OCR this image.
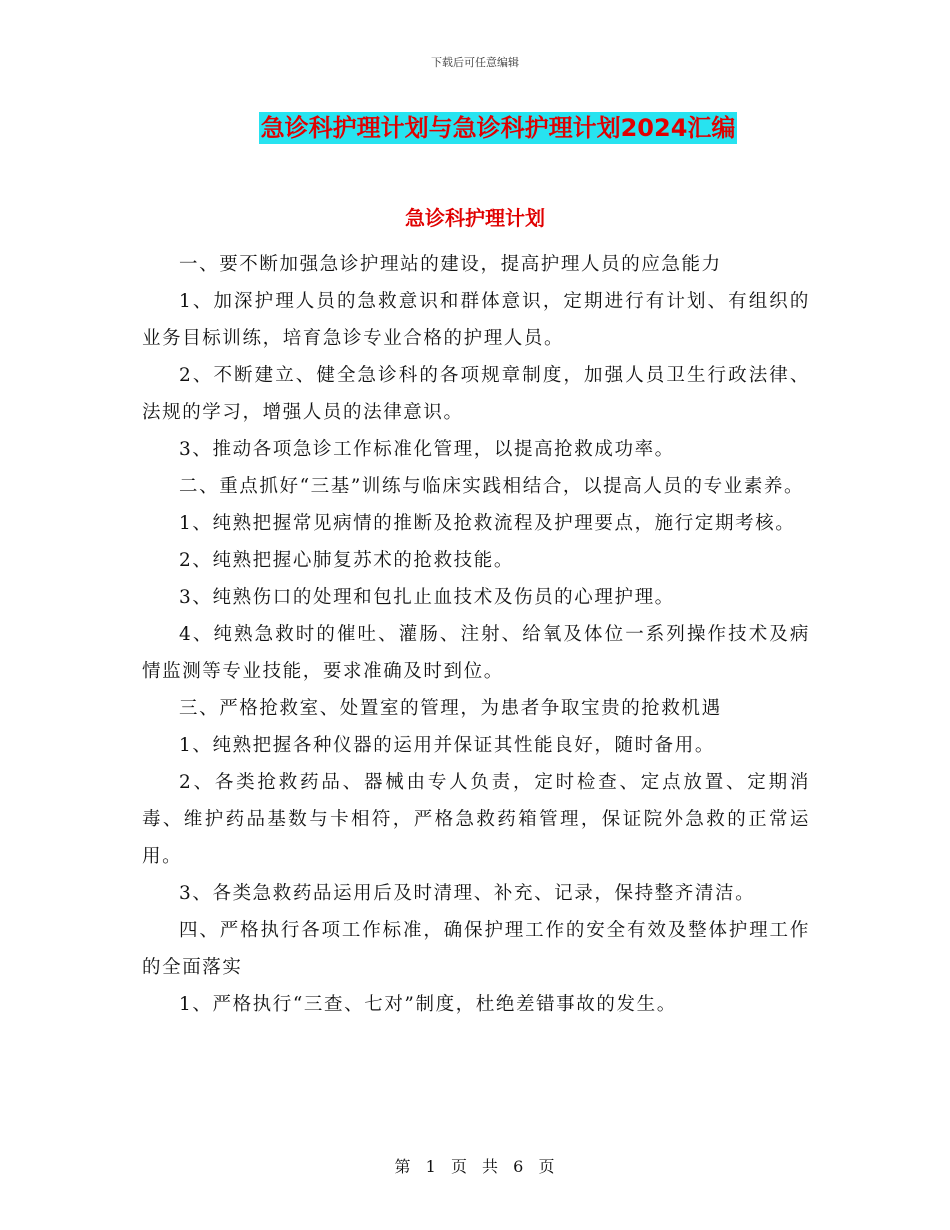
下载后可任意编辑
急诊科护理计划与急诊科护理计划2024汇编
急诊科护理计划

一、要不断加强急诊护理站的建设，提高护理人员的应急能力

1、加深护理人员的急救意识和群体意识，定期进行有计划、有组织的业务目标训练，培育急诊专业合格的护理人员。

2、不断建立、健全急诊科的各项规章制度，加强人员卫生行政法律、法规的学习，增强人员的法律意识。

3、推动各项急诊工作标准化管理，以提高抢救成功率。

二、重点抓好“三基”训练与临床实践相结合，以提高人员的专业素养。

1、纯熟把握常见病情的推断及抢救流程及护理要点，施行定期考核。

2、纯熟把握心肺复苏术的抢救技能。

3、纯熟伤口的处理和包扎止血技术及伤员的心理护理。

4、纯熟急救时的催吐、灌肠、注射、给氧及体位一系列操作技术及病情监测等专业技能，要求准确及时到位。

三、严格抢救室、处置室的管理，为患者争取宝贵的抢救机遇

1、纯熟把握各种仪器的运用并保证其性能良好，随时备用。

2、各类抢救药品、器械由专人负责，定时检查、定点放置、定期消毒、维护药品基数与卡相符，严格急救药箱管理，保证院外急救的正常运用。

3、各类急救药品运用后及时清理、补充、记录，保持整齐清洁。

四、严格执行各项工作标准，确保护理工作的安全有效及整体护理工作的全面落实

1、严格执行“三查、七对”制度，杜绝差错事故的发生。

第 1 页 共 6 页
